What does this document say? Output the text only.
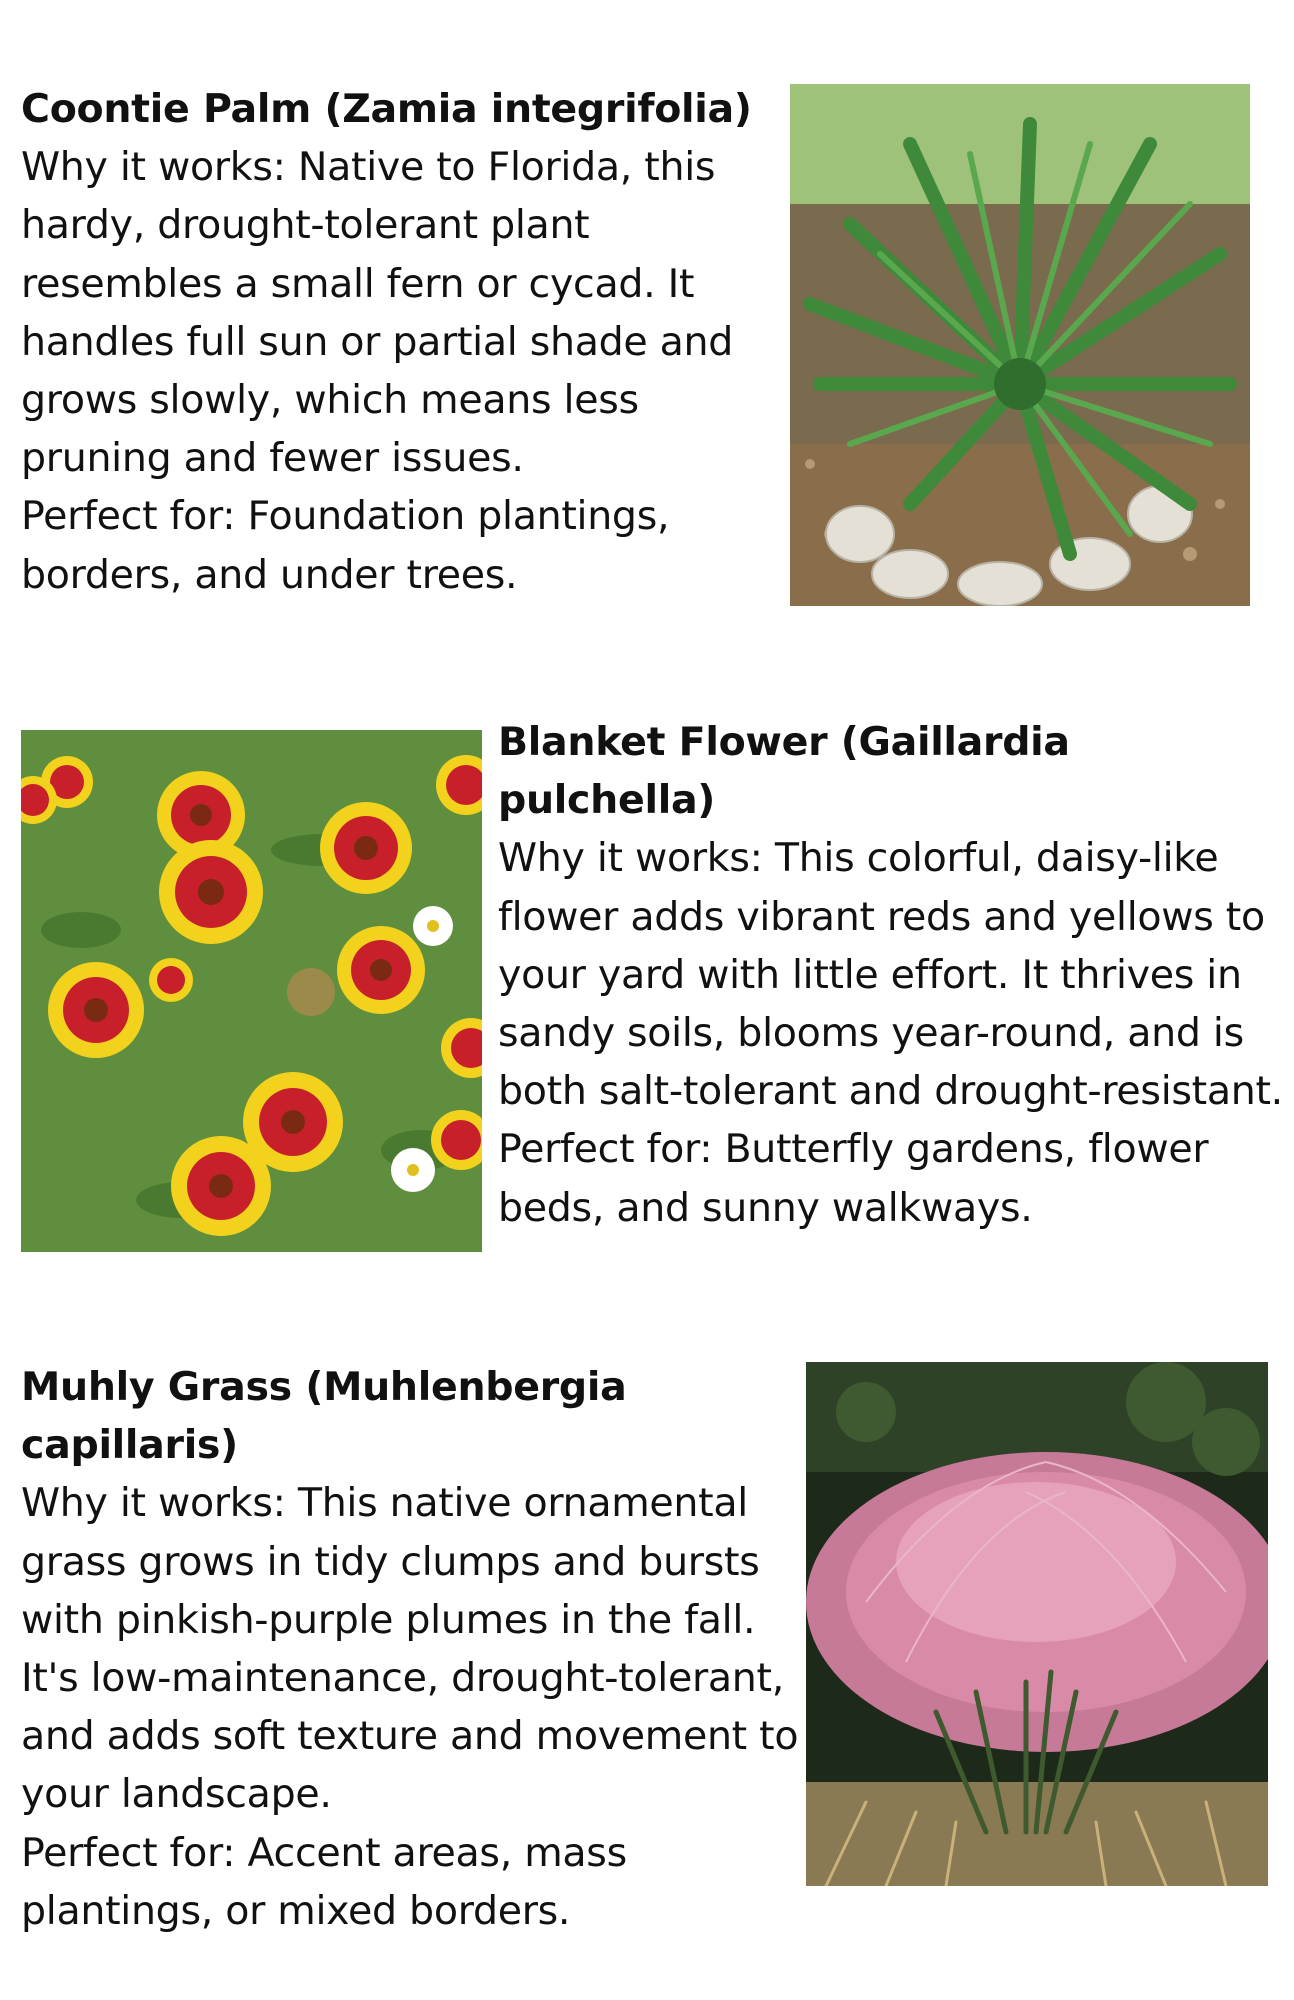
Coontie Palm (Zamia integrifolia)

Why it works: Native to Florida, this hardy, drought-tolerant plant resembles a small fern or cycad. It handles full sun or partial shade and grows slowly, which means less pruning and fewer issues.

Perfect for: Foundation plantings, borders, and under trees.

Blanket Flower (Gaillardia pulchella)

Why it works: This colorful, daisy-like flower adds vibrant reds and yellows to your yard with little effort. It thrives in sandy soils, blooms year-round, and is both salt-tolerant and drought-resistant.

Perfect for: Butterfly gardens, flower beds, and sunny walkways.

Muhly Grass (Muhlenbergia capillaris)

Why it works: This native ornamental grass grows in tidy clumps and bursts with pinkish-purple plumes in the fall. It's low-maintenance, drought-tolerant, and adds soft texture and movement to your landscape.

Perfect for: Accent areas, mass plantings, or mixed borders.
